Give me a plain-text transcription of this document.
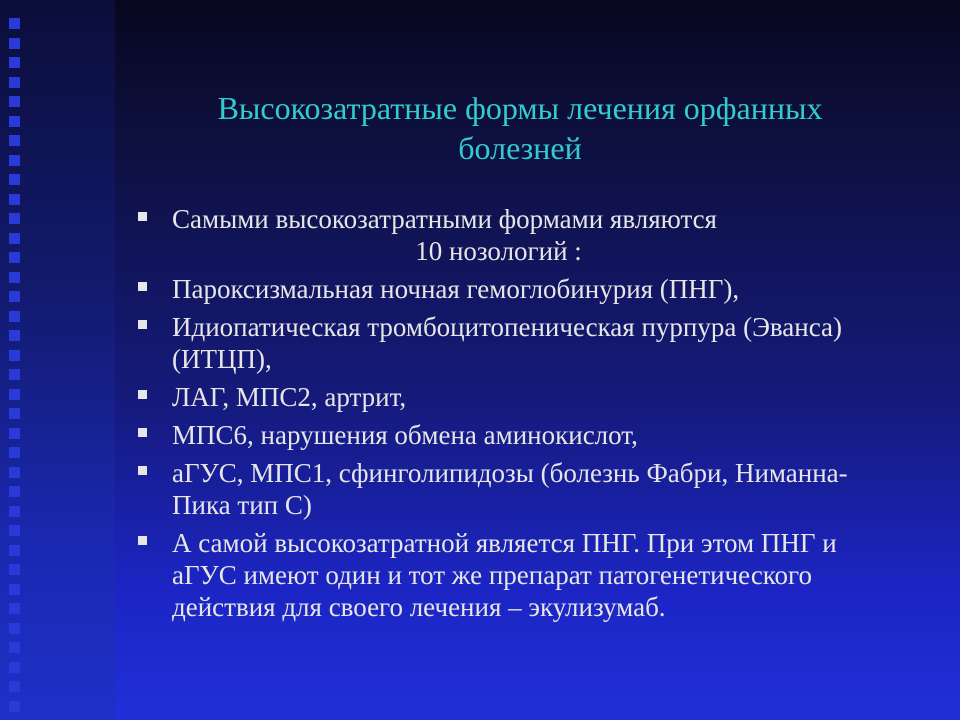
Высокозатратные формы лечения орфанных
болезней
Самыми высокозатратными формами являются
10 нозологий :
Пароксизмальная ночная гемоглобинурия (ПНГ),
Идиопатическая тромбоцитопеническая пурпура (Эванса)(ИТЦП),
ЛАГ, МПС2, артрит,
МПС6, нарушения обмена аминокислот,
аГУС, МПС1, сфинголипидозы (болезнь Фабри, Ниманна-Пика тип С)
А самой высокозатратной является ПНГ. При этом ПНГ и аГУС имеют один и тот же препарат патогенетического действия для своего лечения – экулизумаб.
